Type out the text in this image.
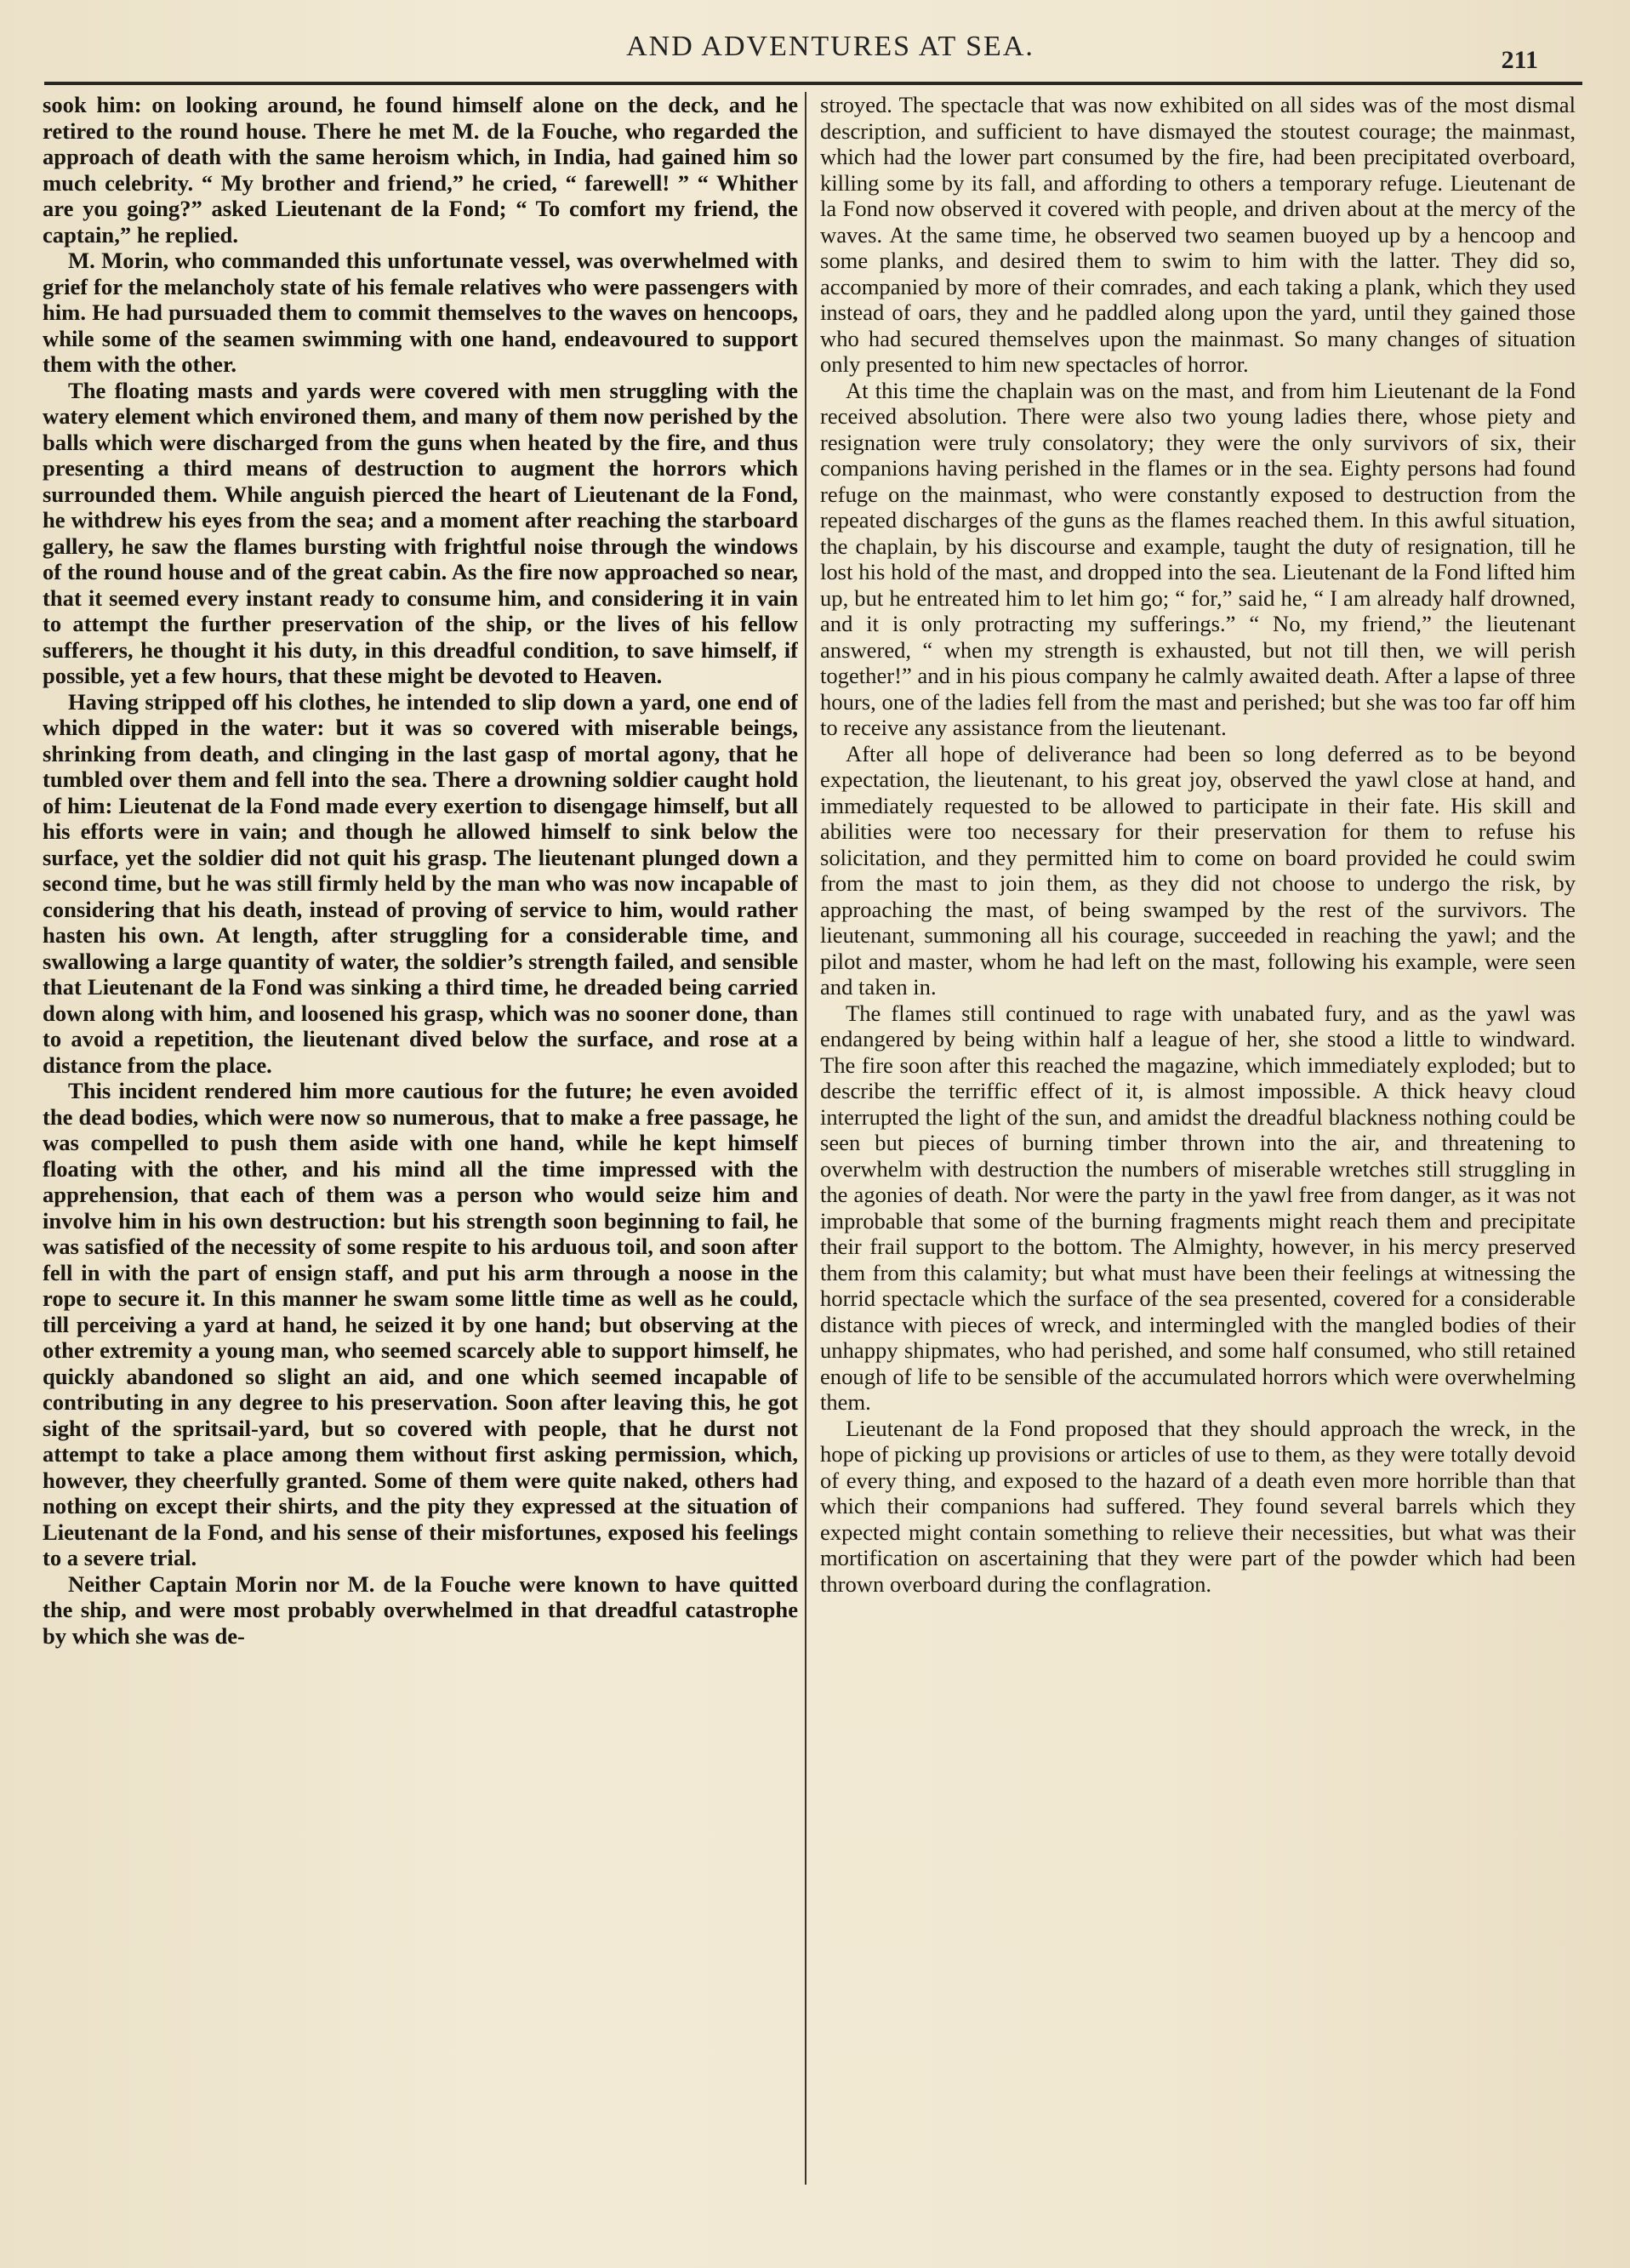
AND ADVENTURES AT SEA.	211

sook him: on looking around, he found himself alone on the deck, and he retired to the round house. There he met M. de la Fouche, who regarded the approach of death with the same heroism which, in India, had gained him so much celebrity. “ My brother and friend,” he cried, “ farewell! ” “ Whither are you going?” asked Lieutenant de la Fond; “ To comfort my friend, the captain,” he replied.

M. Morin, who commanded this unfortunate vessel, was overwhelmed with grief for the melancholy state of his female relatives who were passengers with him. He had pursuaded them to commit themselves to the waves on hencoops, while some of the seamen swimming with one hand, endeavoured to support them with the other.

The floating masts and yards were covered with men struggling with the watery element which environed them, and many of them now perished by the balls which were discharged from the guns when heated by the fire, and thus presenting a third means of destruction to augment the horrors which surrounded them. While anguish pierced the heart of Lieutenant de la Fond, he withdrew his eyes from the sea; and a moment after reaching the starboard gallery, he saw the flames bursting with frightful noise through the windows of the round house and of the great cabin. As the fire now approached so near, that it seemed every instant ready to consume him, and considering it in vain to attempt the further preservation of the ship, or the lives of his fellow sufferers, he thought it his duty, in this dreadful condition, to save himself, if possible, yet a few hours, that these might be devoted to Heaven.

Having stripped off his clothes, he intended to slip down a yard, one end of which dipped in the water: but it was so covered with miserable beings, shrinking from death, and clinging in the last gasp of mortal agony, that he tumbled over them and fell into the sea. There a drowning soldier caught hold of him: Lieutenat de la Fond made every exertion to disengage himself, but all his efforts were in vain; and though he allowed himself to sink below the surface, yet the soldier did not quit his grasp. The lieutenant plunged down a second time, but he was still firmly held by the man who was now incapable of considering that his death, instead of proving of service to him, would rather hasten his own. At length, after struggling for a considerable time, and swallowing a large quantity of water, the soldier’s strength failed, and sensible that Lieutenant de la Fond was sinking a third time, he dreaded being carried down along with him, and loosened his grasp, which was no sooner done, than to avoid a repetition, the lieutenant dived below the surface, and rose at a distance from the place.

This incident rendered him more cautious for the future; he even avoided the dead bodies, which were now so numerous, that to make a free passage, he was compelled to push them aside with one hand, while he kept himself floating with the other, and his mind all the time impressed with the apprehension, that each of them was a person who would seize him and involve him in his own destruction: but his strength soon beginning to fail, he was satisfied of the necessity of some respite to his arduous toil, and soon after fell in with the part of ensign staff, and put his arm through a noose in the rope to secure it. In this manner he swam some little time as well as he could, till perceiving a yard at hand, he seized it by one hand; but observing at the other extremity a young man, who seemed scarcely able to support himself, he quickly abandoned so slight an aid, and one which seemed incapable of contributing in any degree to his preservation. Soon after leaving this, he got sight of the spritsail-yard, but so covered with people, that he durst not attempt to take a place among them without first asking permission, which, however, they cheerfully granted. Some of them were quite naked, others had nothing on except their shirts, and the pity they expressed at the situation of Lieutenant de la Fond, and his sense of their misfortunes, exposed his feelings to a severe trial.

Neither Captain Morin nor M. de la Fouche were known to have quitted the ship, and were most probably overwhelmed in that dreadful catastrophe by which she was de-

stroyed. The spectacle that was now exhibited on all sides was of the most dismal description, and sufficient to have dismayed the stoutest courage; the mainmast, which had the lower part consumed by the fire, had been precipitated overboard, killing some by its fall, and affording to others a temporary refuge. Lieutenant de la Fond now observed it covered with people, and driven about at the mercy of the waves. At the same time, he observed two seamen buoyed up by a hencoop and some planks, and desired them to swim to him with the latter. They did so, accompanied by more of their comrades, and each taking a plank, which they used instead of oars, they and he paddled along upon the yard, until they gained those who had secured themselves upon the mainmast. So many changes of situation only presented to him new spectacles of horror.

At this time the chaplain was on the mast, and from him Lieutenant de la Fond received absolution. There were also two young ladies there, whose piety and resignation were truly consolatory; they were the only survivors of six, their companions having perished in the flames or in the sea. Eighty persons had found refuge on the mainmast, who were constantly exposed to destruction from the repeated discharges of the guns as the flames reached them. In this awful situation, the chaplain, by his discourse and example, taught the duty of resignation, till he lost his hold of the mast, and dropped into the sea. Lieutenant de la Fond lifted him up, but he entreated him to let him go; “ for,” said he, “ I am already half drowned, and it is only protracting my sufferings.” “ No, my friend,” the lieutenant answered, “ when my strength is exhausted, but not till then, we will perish together!” and in his pious company he calmly awaited death. After a lapse of three hours, one of the ladies fell from the mast and perished; but she was too far off him to receive any assistance from the lieutenant.

After all hope of deliverance had been so long deferred as to be beyond expectation, the lieutenant, to his great joy, observed the yawl close at hand, and immediately requested to be allowed to participate in their fate. His skill and abilities were too necessary for their preservation for them to refuse his solicitation, and they permitted him to come on board provided he could swim from the mast to join them, as they did not choose to undergo the risk, by approaching the mast, of being swamped by the rest of the survivors. The lieutenant, summoning all his courage, succeeded in reaching the yawl; and the pilot and master, whom he had left on the mast, following his example, were seen and taken in.

The flames still continued to rage with unabated fury, and as the yawl was endangered by being within half a league of her, she stood a little to windward. The fire soon after this reached the magazine, which immediately exploded; but to describe the terriffic effect of it, is almost impossible. A thick heavy cloud interrupted the light of the sun, and amidst the dreadful blackness nothing could be seen but pieces of burning timber thrown into the air, and threatening to overwhelm with destruction the numbers of miserable wretches still struggling in the agonies of death. Nor were the party in the yawl free from danger, as it was not improbable that some of the burning fragments might reach them and precipitate their frail support to the bottom. The Almighty, however, in his mercy preserved them from this calamity; but what must have been their feelings at witnessing the horrid spectacle which the surface of the sea presented, covered for a considerable distance with pieces of wreck, and intermingled with the mangled bodies of their unhappy shipmates, who had perished, and some half consumed, who still retained enough of life to be sensible of the accumulated horrors which were overwhelming them.

Lieutenant de la Fond proposed that they should approach the wreck, in the hope of picking up provisions or articles of use to them, as they were totally devoid of every thing, and exposed to the hazard of a death even more horrible than that which their companions had suffered. They found several barrels which they expected might contain something to relieve their necessities, but what was their mortification on ascertaining that they were part of the powder which had been thrown overboard during the conflagration.
